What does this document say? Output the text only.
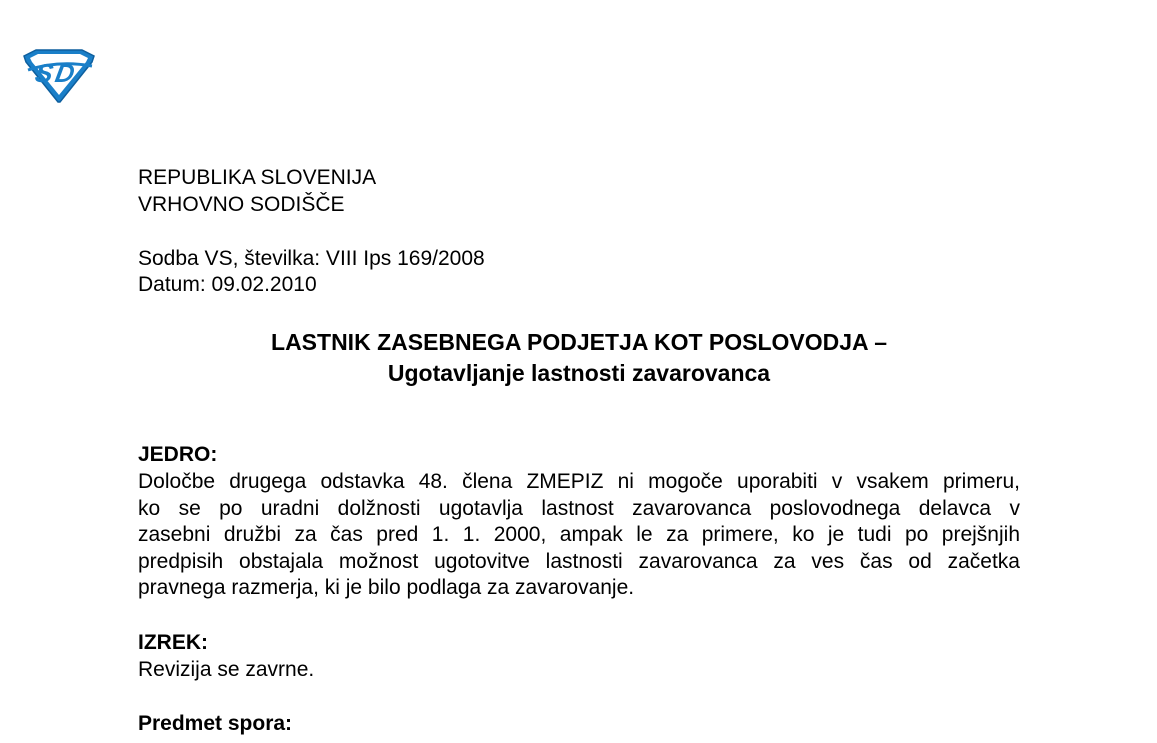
S
D
REPUBLIKA SLOVENIJA
VRHOVNO SODIŠČE
Sodba VS, številka: VIII Ips 169/2008
Datum: 09.02.2010
LASTNIK ZASEBNEGA PODJETJA KOT POSLOVODJA –
Ugotavljanje lastnosti zavarovanca
JEDRO:
Določbe drugega odstavka 48. člena ZMEPIZ ni mogoče uporabiti v vsakem primeru,
ko se po uradni dolžnosti ugotavlja lastnost zavarovanca poslovodnega delavca v
zasebni družbi za čas pred 1. 1. 2000, ampak le za primere, ko je tudi po prejšnjih
predpisih obstajala možnost ugotovitve lastnosti zavarovanca za ves čas od začetka
pravnega razmerja, ki je bilo podlaga za zavarovanje.
IZREK:
Revizija se zavrne.
Predmet spora:
